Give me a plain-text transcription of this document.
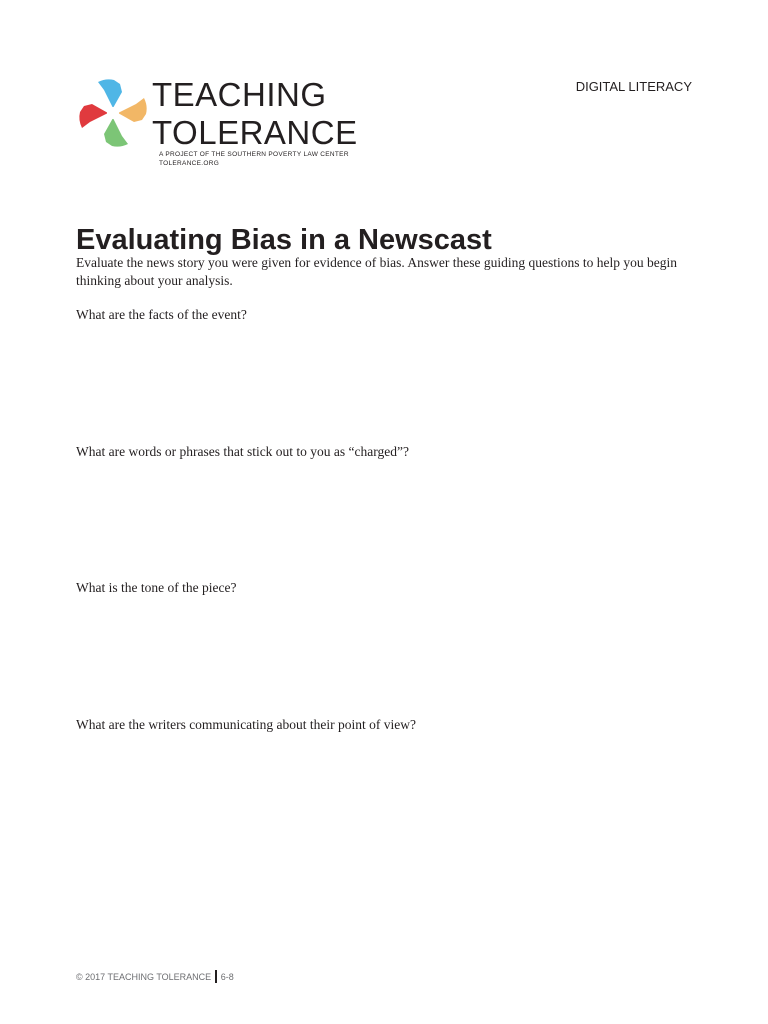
TEACHING
TOLERANCE
A PROJECT OF THE SOUTHERN POVERTY LAW CENTER
TOLERANCE.ORG
DIGITAL LITERACY
Evaluating Bias in a Newscast

Evaluate the news story you were given for evidence of bias. Answer these guiding questions to help you begin thinking about your analysis.

What are the facts of the event?

What are words or phrases that stick out to you as “charged”?

What is the tone of the piece?

What are the writers communicating about their point of view?

© 2017 TEACHING TOLERANCE 6-8
